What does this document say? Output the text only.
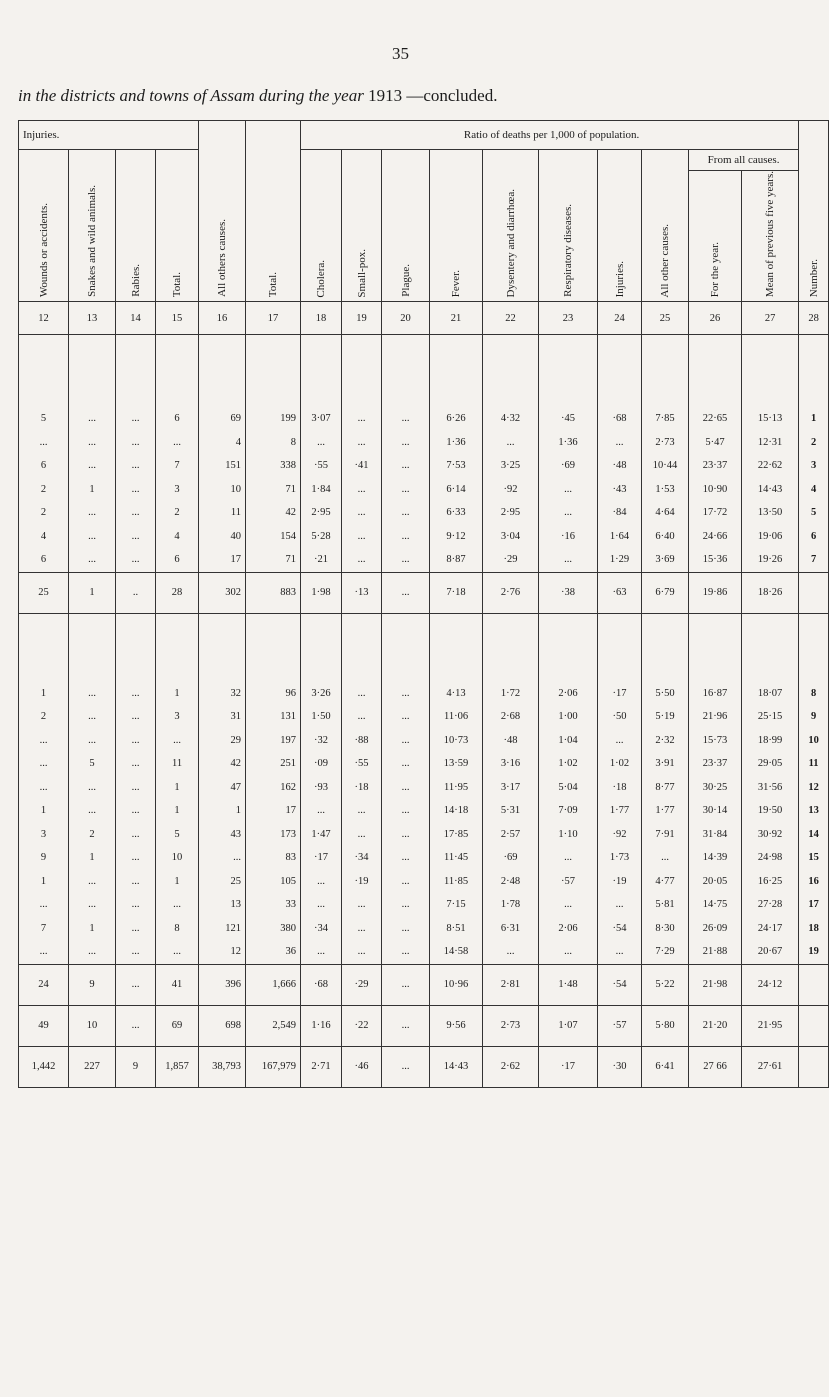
35
in the districts and towns of Assam during the year 1913 —concluded.
Injuries.				All others causes.	Total.	Ratio of deaths per 1,000 of population.										Number.

Wounds or accidents.	Snakes and wild animals.	Rabies.	Total.			Cholera.	Small-pox.	Plague.	Fever.	Dysentery and diarrhœa.	Respiratory diseases.	Injuries.	All other causes.	From all causes.		

														For the year.	Mean of previous five years.	

12	13	14	15	16	17	18	19	20	21	22	23	24	25	26	27	28

5	...	...	6	69	199	3·07	...	...	6·26	4·32	·45	·68	7·85	22·65	15·13	1
...	...	...	...	4	8	...	...	...	1·36	...	1·36	...	2·73	5·47	12·31	2
6	...	...	7	151	338	·55	·41	...	7·53	3·25	·69	·48	10·44	23·37	22·62	3
2	1	...	3	10	71	1·84	...	...	6·14	·92	...	·43	1·53	10·90	14·43	4
2	...	...	2	11	42	2·95	...	...	6·33	2·95	...	·84	4·64	17·72	13·50	5
4	...	...	4	40	154	5·28	...	...	9·12	3·04	·16	1·64	6·40	24·66	19·06	6
6	...	...	6	17	71	·21	...	...	8·87	·29	...	1·29	3·69	15·36	19·26	7
25	1	..	28	302	883	1·98	·13	...	7·18	2·76	·38	·63	6·79	19·86	18·26	

1	...	...	1	32	96	3·26	...	...	4·13	1·72	2·06	·17	5·50	16·87	18·07	8
2	...	...	3	31	131	1·50	...	...	11·06	2·68	1·00	·50	5·19	21·96	25·15	9
...	...	...	...	29	197	·32	·88	...	10·73	·48	1·04	...	2·32	15·73	18·99	10
...	5	...	11	42	251	·09	·55	...	13·59	3·16	1·02	1·02	3·91	23·37	29·05	11
...	...	...	1	47	162	·93	·18	...	11·95	3·17	5·04	·18	8·77	30·25	31·56	12
1	...	...	1	1	17	...	...	...	14·18	5·31	7·09	1·77	1·77	30·14	19·50	13
3	2	...	5	43	173	1·47	...	...	17·85	2·57	1·10	·92	7·91	31·84	30·92	14
9	1	...	10	...	83	·17	·34	...	11·45	·69	...	1·73	...	14·39	24·98	15
1	...	...	1	25	105	...	·19	...	11·85	2·48	·57	·19	4·77	20·05	16·25	16
...	...	...	...	13	33	...	...	...	7·15	1·78	...	...	5·81	14·75	27·28	17
7	1	...	8	121	380	·34	...	...	8·51	6·31	2·06	·54	8·30	26·09	24·17	18
...	...	...	...	12	36	...	...	...	14·58	...	...	...	7·29	21·88	20·67	19
24	9	...	41	396	1,666	·68	·29	...	10·96	2·81	1·48	·54	5·22	21·98	24·12	
49	10	...	69	698	2,549	1·16	·22	...	9·56	2·73	1·07	·57	5·80	21·20	21·95	
1,442	227	9	1,857	38,793	167,979	2·71	·46	...	14·43	2·62	·17	·30	6·41	27 66	27·61	
